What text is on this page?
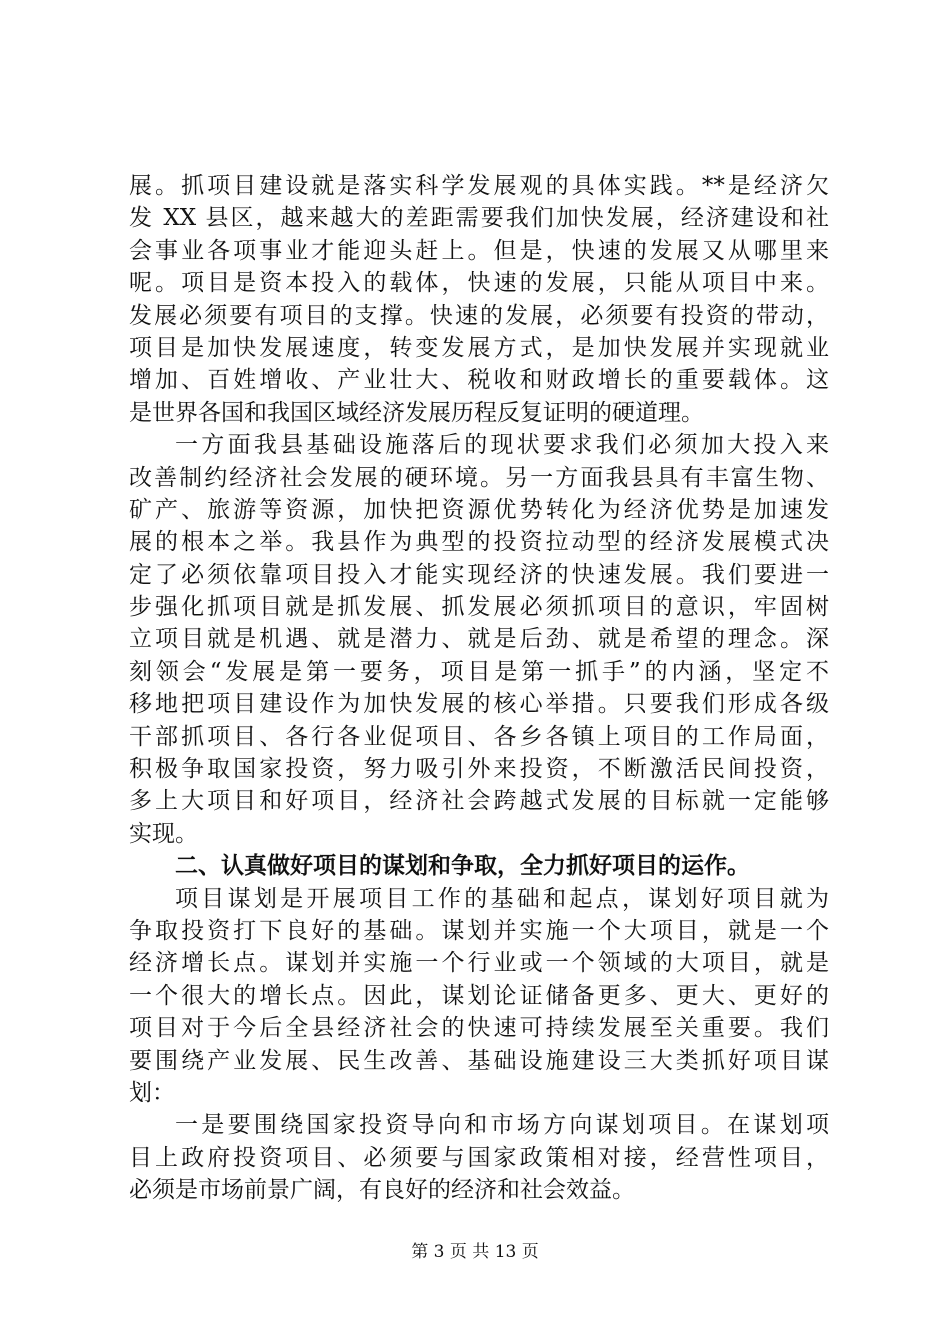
展。抓项目建设就是落实科学发展观的具体实践。**是经济欠
发 XX 县区，越来越大的差距需要我们加快发展，经济建设和社
会事业各项事业才能迎头赶上。但是，快速的发展又从哪里来
呢。项目是资本投入的载体，快速的发展，只能从项目中来。
发展必须要有项目的支撑。快速的发展，必须要有投资的带动，
项目是加快发展速度，转变发展方式，是加快发展并实现就业
增加、百姓增收、产业壮大、税收和财政增长的重要载体。这
是世界各国和我国区域经济发展历程反复证明的硬道理。
一方面我县基础设施落后的现状要求我们必须加大投入来
改善制约经济社会发展的硬环境。另一方面我县具有丰富生物、
矿产、旅游等资源，加快把资源优势转化为经济优势是加速发
展的根本之举。我县作为典型的投资拉动型的经济发展模式决
定了必须依靠项目投入才能实现经济的快速发展。我们要进一
步强化抓项目就是抓发展、抓发展必须抓项目的意识，牢固树
立项目就是机遇、就是潜力、就是后劲、就是希望的理念。深
刻领会“发展是第一要务，项目是第一抓手”的内涵，坚定不
移地把项目建设作为加快发展的核心举措。只要我们形成各级
干部抓项目、各行各业促项目、各乡各镇上项目的工作局面，
积极争取国家投资，努力吸引外来投资，不断激活民间投资，
多上大项目和好项目，经济社会跨越式发展的目标就一定能够
实现。
二、认真做好项目的谋划和争取，全力抓好项目的运作。
项目谋划是开展项目工作的基础和起点，谋划好项目就为
争取投资打下良好的基础。谋划并实施一个大项目，就是一个
经济增长点。谋划并实施一个行业或一个领域的大项目，就是
一个很大的增长点。因此，谋划论证储备更多、更大、更好的
项目对于今后全县经济社会的快速可持续发展至关重要。我们
要围绕产业发展、民生改善、基础设施建设三大类抓好项目谋
划：
一是要围绕国家投资导向和市场方向谋划项目。在谋划项
目上政府投资项目、必须要与国家政策相对接，经营性项目，
必须是市场前景广阔，有良好的经济和社会效益。
第 3 页 共 13 页
